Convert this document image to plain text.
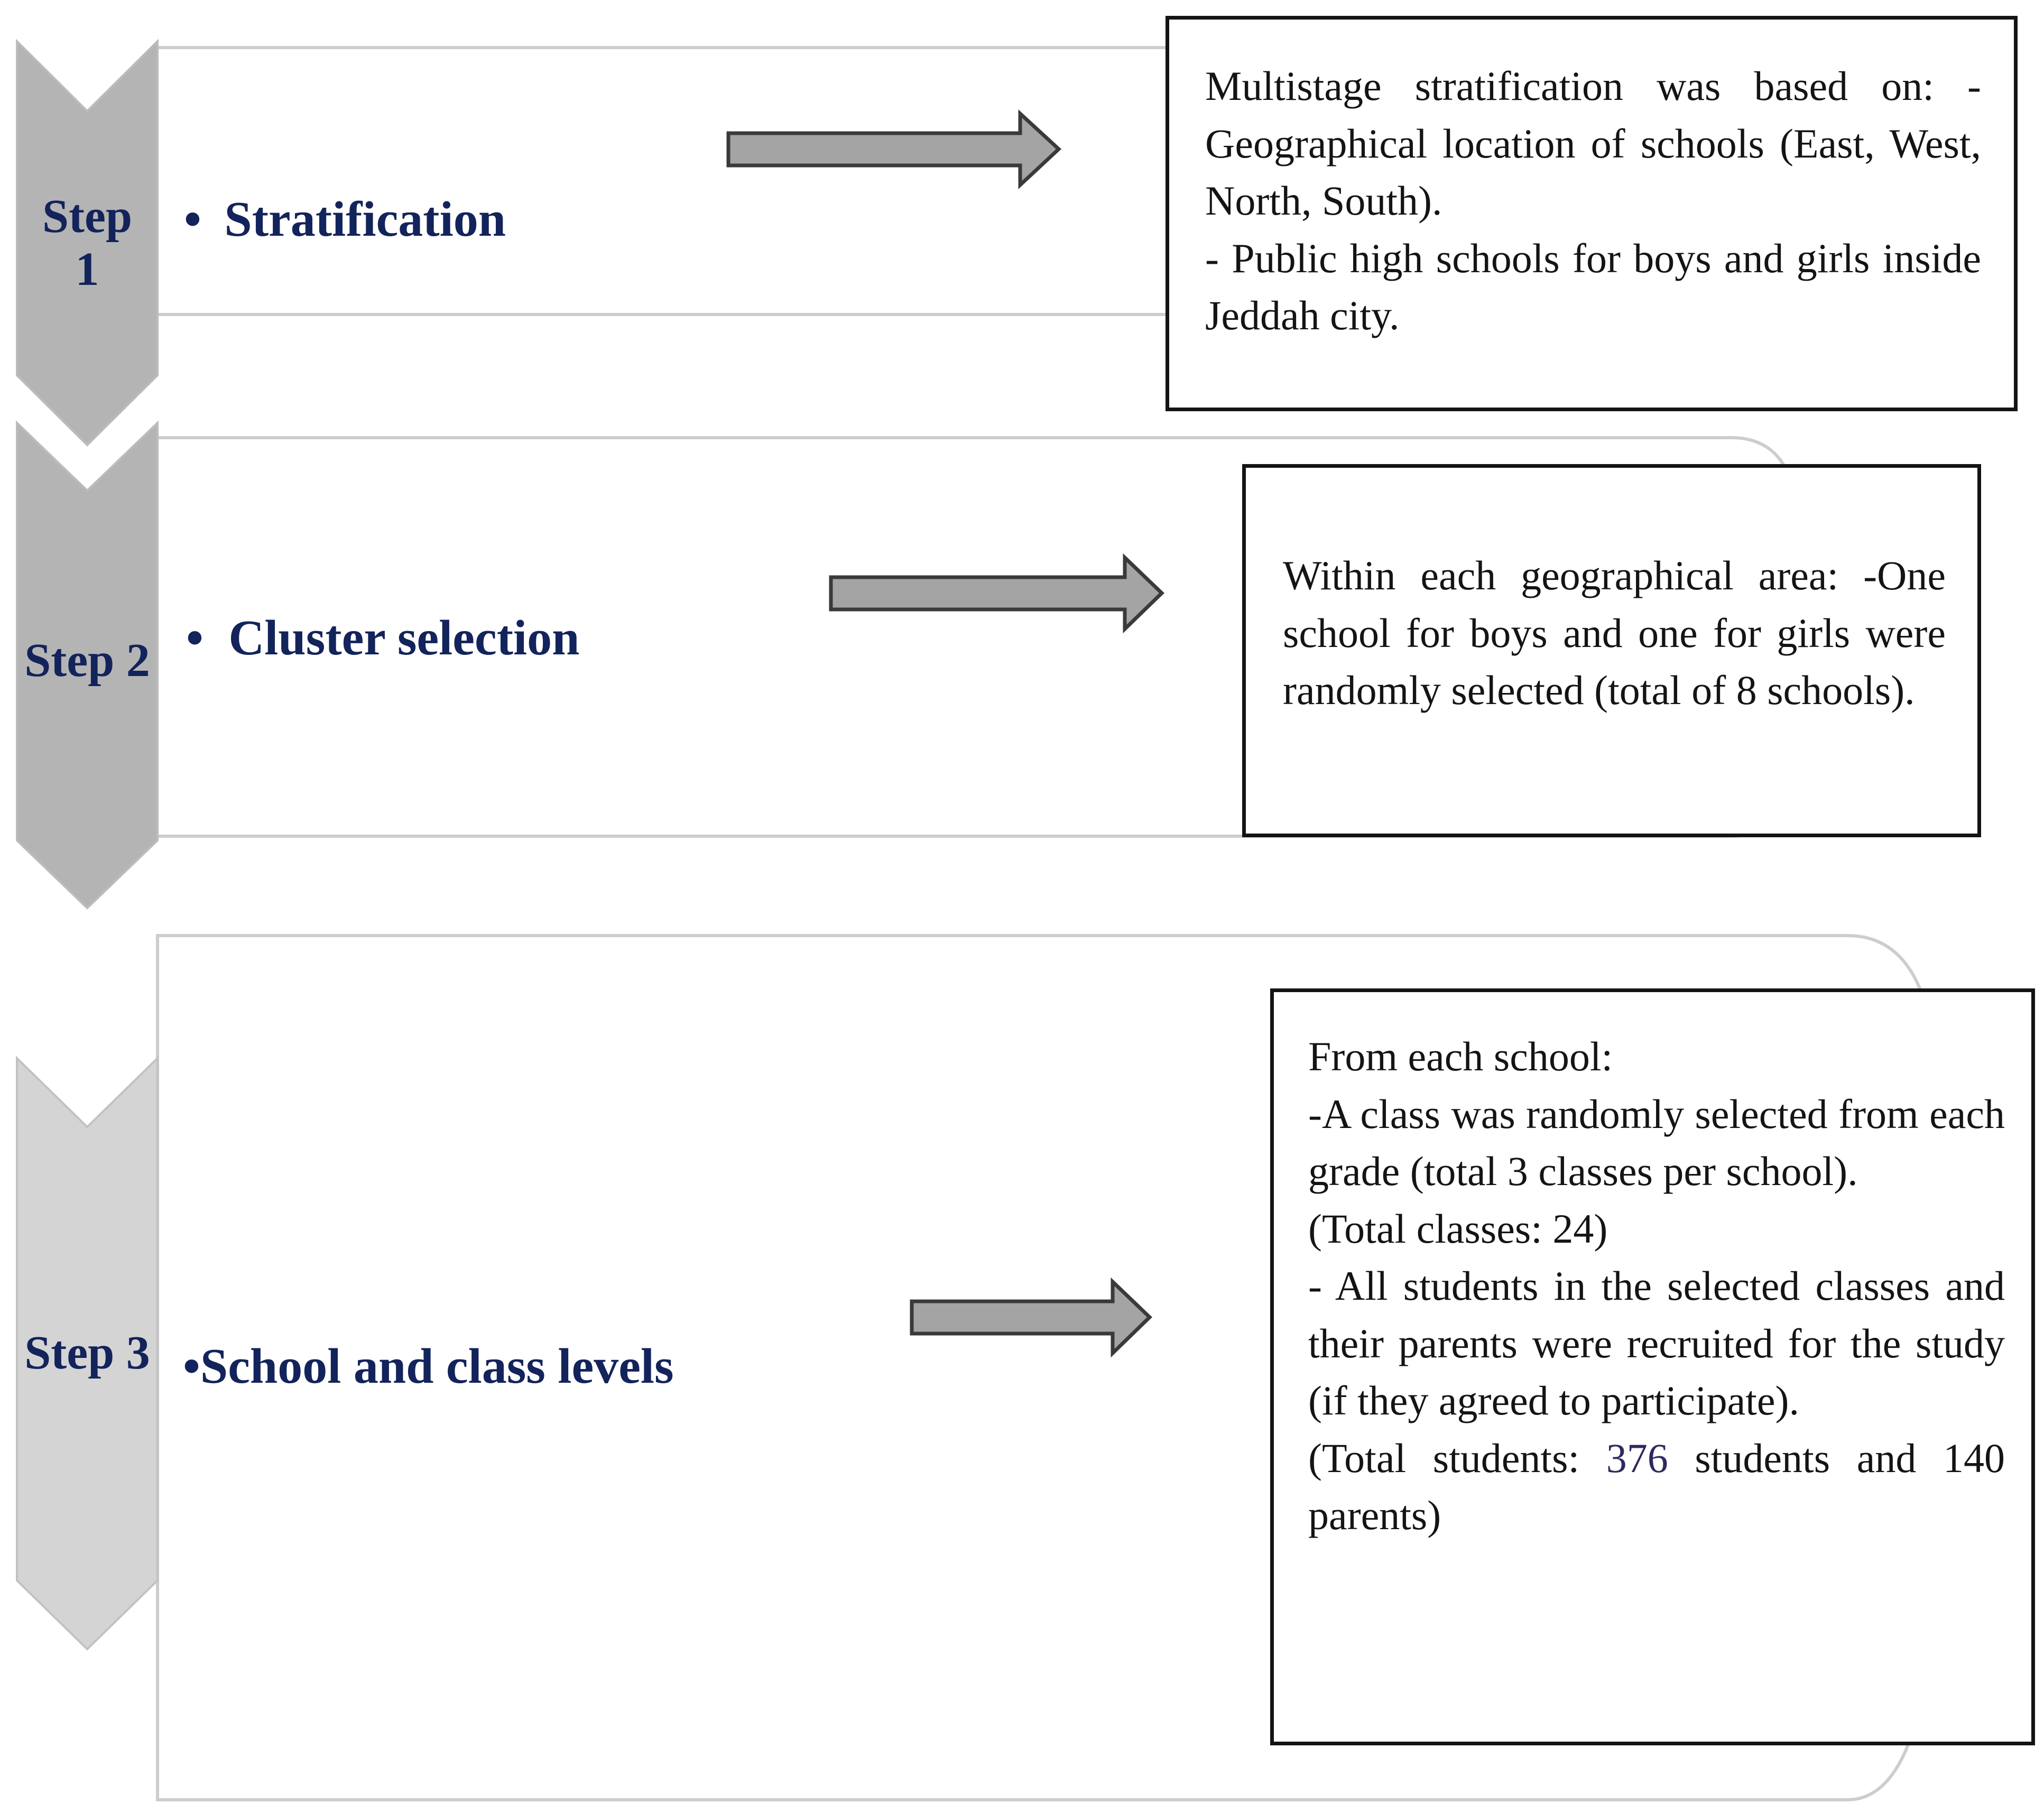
Step
1
Step 2
Step 3
• Stratification
• Cluster selection
•School and class levels

Multistage stratification was based on: - Geographical location of schools (East, West, North, South).

- Public high schools for boys and girls inside Jeddah city.

Within each geographical area: -One school for boys and one for girls were randomly selected (total of 8 schools).

From each school:

-A class was randomly selected from each grade (total 3 classes per school).

(Total classes: 24)

- All students in the selected classes and their parents were recruited for the study (if they agreed to participate).

(Total students: 376 students and 140

parents)
